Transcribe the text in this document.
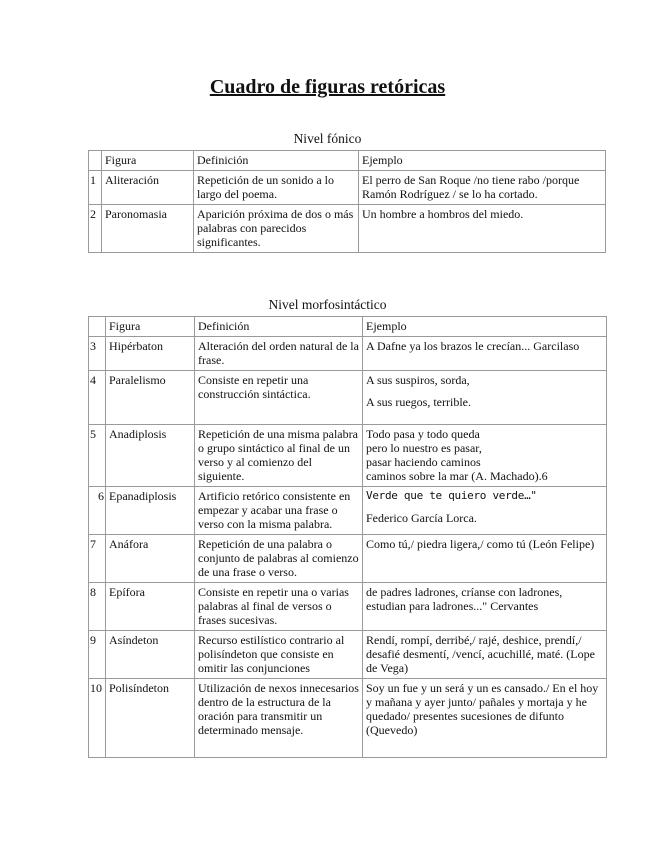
Cuadro de figuras retóricas
Nivel fónico
	Figura	Definición	Ejemplo
1	Aliteración	Repetición de un sonido a lo largo del poema.	El perro de San Roque /no tiene rabo /porque Ramón Rodríguez / se lo ha cortado.
2	Paronomasia	Aparición próxima de dos o más palabras con parecidos significantes.	Un hombre a hombros del miedo.
Nivel morfosintáctico
	Figura	Definición	Ejemplo
3	Hipérbaton	Alteración del orden natural de la frase.	A Dafne ya los brazos le crecían... Garcilaso
4	Paralelismo	Consiste en repetir una construcción sintáctica.	A sus suspiros, sorda,
A sus ruegos, terrible.

5	Anadiplosis	Repetición de una misma palabra o grupo sintáctico al final de un verso y al comienzo del siguiente.	Todo pasa y todo queda
pero lo nuestro es pasar,
pasar haciendo caminos
caminos sobre la mar (A. Machado).6

6	Epanadiplosis	Artificio retórico consistente en empezar y acabar una frase o verso con la misma palabra.	Verde que te quiero verde…"
Federico García Lorca.

7	Anáfora	Repetición de una palabra o conjunto de palabras al comienzo de una frase o verso.	Como tú,/ piedra ligera,/ como tú (León Felipe)
8	Epífora	Consiste en repetir una o varias palabras al final de versos o frases sucesivas.	de padres ladrones, críanse con ladrones, estudian para ladrones..." Cervantes
9	Asíndeton	Recurso estilístico contrario al polisíndeton que consiste en omitir las conjunciones	Rendí, rompí, derribé,/ rajé, deshice, prendí,/ desafié desmentí, /vencí, acuchillé, maté. (Lope de Vega)
10	Polisíndeton	Utilización de nexos innecesarios dentro de la estructura de la oración para transmitir un determinado mensaje.	Soy un fue y un será y un es cansado./ En el hoy y mañana y ayer junto/ pañales y mortaja y he quedado/ presentes sucesiones de difunto (Quevedo)
